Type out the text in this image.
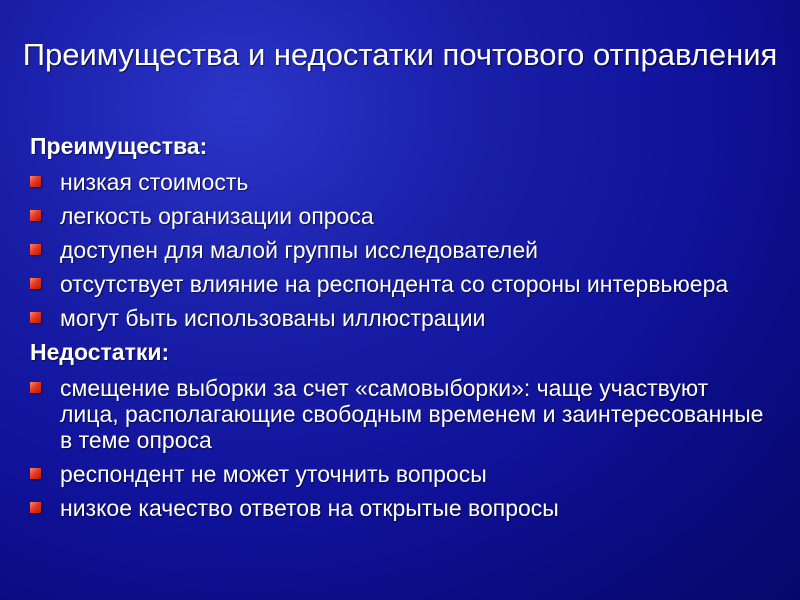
Преимущества и недостатки почтового отправления
Преимущества:
низкая стоимость
легкость организации опроса
доступен для малой группы исследователей
отсутствует влияние на респондента со стороны интервьюера
могут быть использованы иллюстрации
Недостатки:
смещение выборки за счет «самовыборки»: чаще участвуют лица, располагающие свободным временем и заинтересованные в теме опроса
респондент не может уточнить вопросы
низкое качество ответов на открытые вопросы
